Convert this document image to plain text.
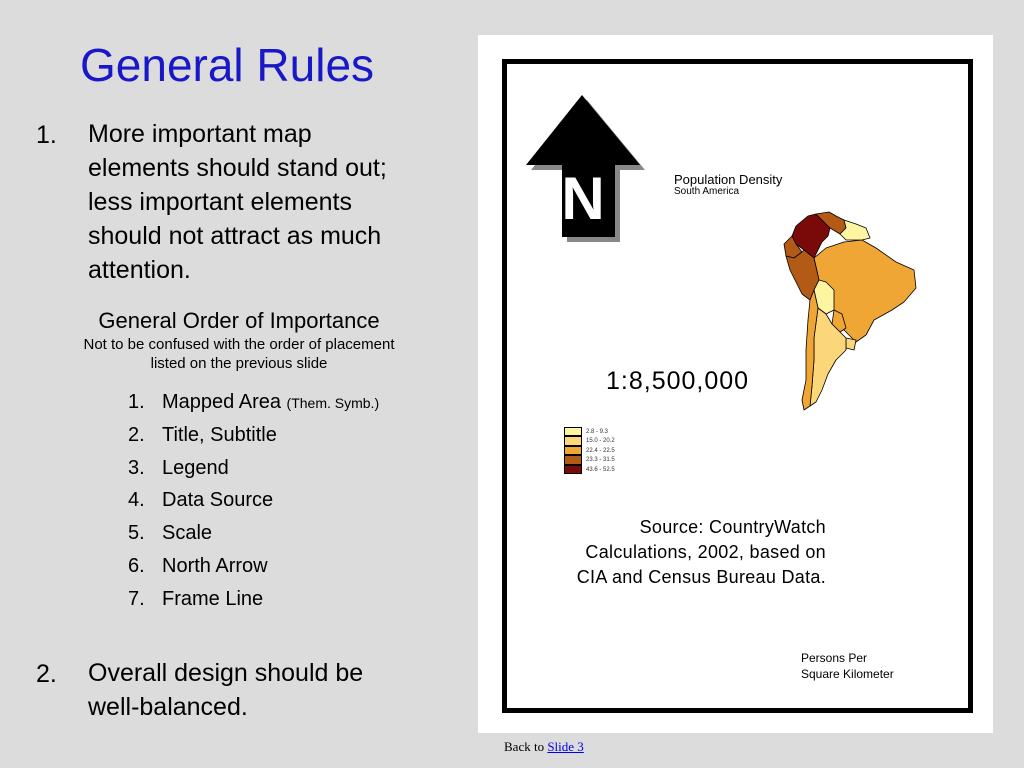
General Rules
1. More important map
elements should stand out;
less important elements
should not attract as much
attention.
General Order of Importance
Not to be confused with the order of placement
listed on the previous slide
1. Mapped Area
(Them. Symb.)
2. Title, Subtitle
3. Legend
4. Data Source
5. Scale
6. North Arrow
7. Frame Line
2. Overall design should be
well-balanced.
N	Population Density
South America
1:8,500,000
2.8 - 9.3
15.0 - 20.2
22.4 - 22.5
23.3 - 31.5
43.6 - 52.5
Source: CountryWatch
Calculations, 2002, based on
CIA and Census Bureau Data.
Persons Per
Square Kilometer
Back to Slide 3
